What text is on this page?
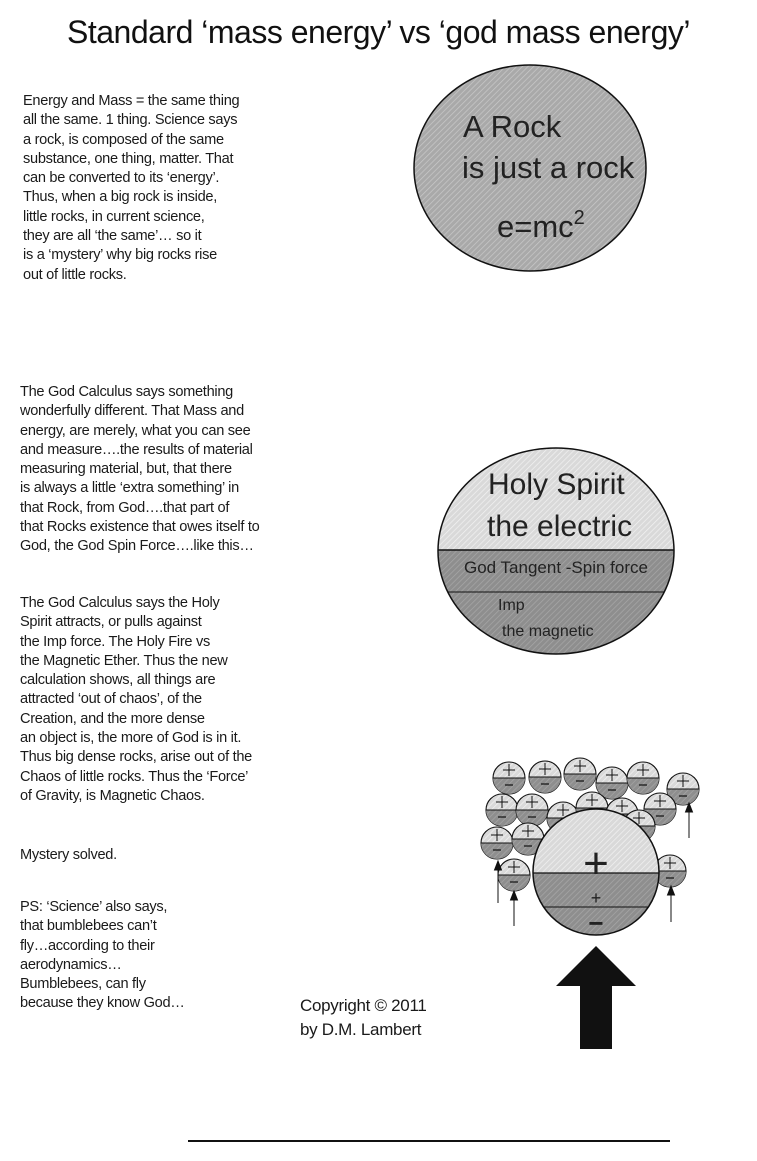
Standard ‘mass energy’ vs ‘god mass energy’

Energy and Mass = the same thing
all the same. 1 thing. Science says
a rock, is composed of the same
substance, one thing, matter. That
can be converted to its ‘energy’.
Thus, when a big rock is inside,
little rocks, in current science,
they are all ‘the same’… so it
is a ‘mystery’ why big rocks rise
out of little rocks.

The God Calculus says something
wonderfully different. That Mass and
energy, are merely, what you can see
and measure….the results of material
measuring material, but, that there
is always a little ‘extra something’ in
that Rock, from God….that part of
that Rocks existence that owes itself to
God, the God Spin Force….like this…

The God Calculus says the Holy
Spirit attracts, or pulls against
the Imp force. The Holy Fire vs
the Magnetic Ether. Thus the new
calculation shows, all things are
attracted ‘out of chaos’, of the
Creation, and the more dense
an object is, the more of God is in it.
Thus big dense rocks, arise out of the
Chaos of little rocks. Thus the ‘Force’
of Gravity, is Magnetic Chaos.

Mystery solved.

PS: ‘Science’ also says,
that bumblebees can’t
fly…according to their
aerodynamics…
Bumblebees, can fly
because they know God…

A Rock
is just a rock
$e=mc^2$
Holy Spirit
the electric
God Tangent -Spin force
Imp
the magnetic
+
+
−

Copyright © 2011
by D.M. Lambert
